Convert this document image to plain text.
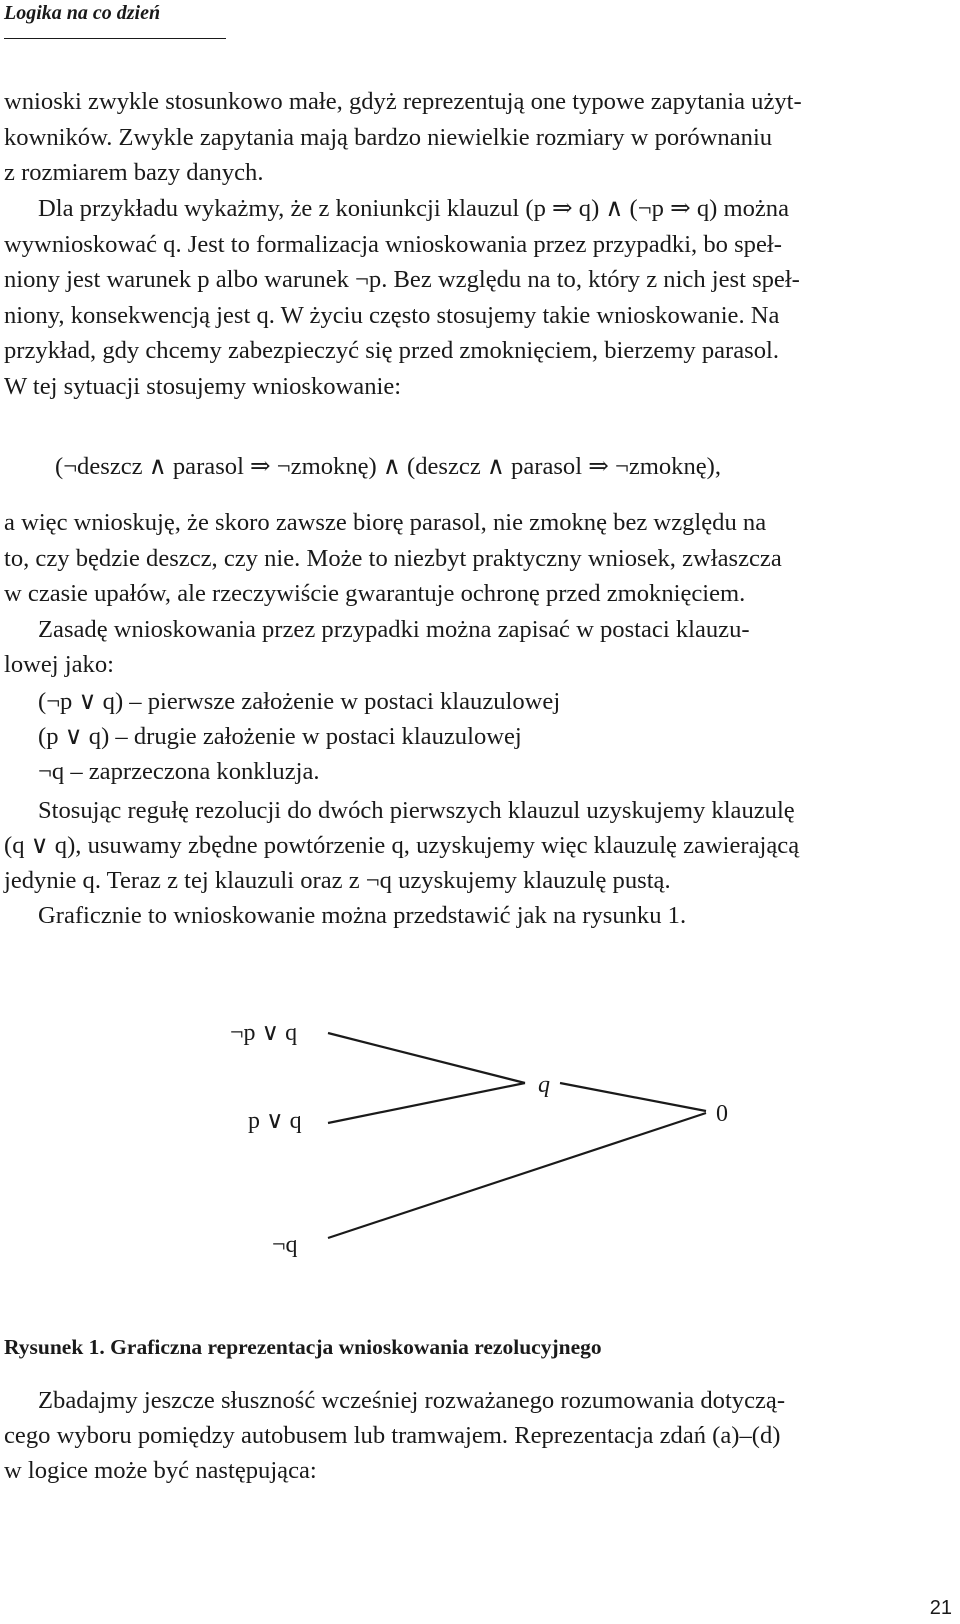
Logika na co dzień
wnioski zwykle stosunkowo małe, gdyż reprezentują one typowe zapytania użyt-
kowników. Zwykle zapytania mają bardzo niewielkie rozmiary w porównaniu
z rozmiarem bazy danych.
Dla przykładu wykażmy, że z koniunkcji klauzul (p ⇒ q) ∧ (¬p ⇒ q) można
wywnioskować q. Jest to formalizacja wnioskowania przez przypadki, bo speł-
niony jest warunek p albo warunek ¬p. Bez względu na to, który z nich jest speł-
niony, konsekwencją jest q. W życiu często stosujemy takie wnioskowanie. Na
przykład, gdy chcemy zabezpieczyć się przed zmoknięciem, bierzemy parasol.
W tej sytuacji stosujemy wnioskowanie:
(¬deszcz ∧ parasol ⇒ ¬zmoknę) ∧ (deszcz ∧ parasol ⇒ ¬zmoknę),
a więc wnioskuję, że skoro zawsze biorę parasol, nie zmoknę bez względu na
to, czy będzie deszcz, czy nie. Może to niezbyt praktyczny wniosek, zwłaszcza
w czasie upałów, ale rzeczywiście gwarantuje ochronę przed zmoknięciem.
Zasadę wnioskowania przez przypadki można zapisać w postaci klauzu-
lowej jako:
(¬p ∨ q) – pierwsze założenie w postaci klauzulowej
(p ∨ q) – drugie założenie w postaci klauzulowej
¬q – zaprzeczona konkluzja.
Stosując regułę rezolucji do dwóch pierwszych klauzul uzyskujemy klauzulę
(q ∨ q), usuwamy zbędne powtórzenie q, uzyskujemy więc klauzulę zawierającą
jedynie q. Teraz z tej klauzuli oraz z ¬q uzyskujemy klauzulę pustą.
Graficznie to wnioskowanie można przedstawić jak na rysunku 1.
¬p ∨ q
p ∨ q
¬q
q
0
Rysunek 1. Graficzna reprezentacja wnioskowania rezolucyjnego
Zbadajmy jeszcze słuszność wcześniej rozważanego rozumowania dotyczą-
cego wyboru pomiędzy autobusem lub tramwajem. Reprezentacja zdań (a)–(d)
w logice może być następująca:
21
